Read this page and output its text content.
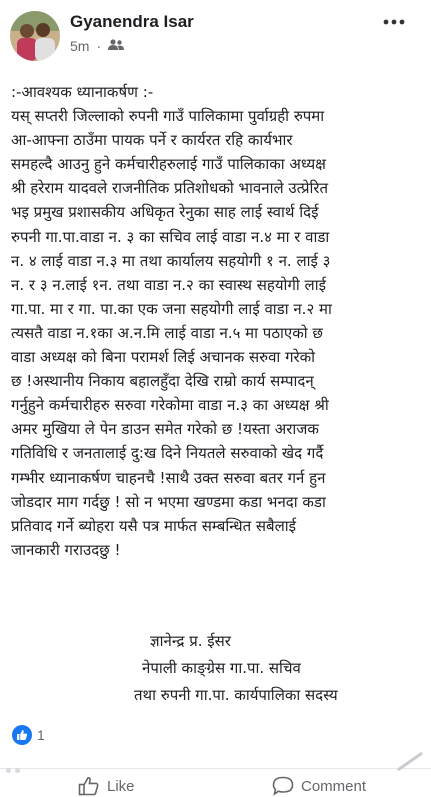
Gyanendra Isar
5m ·

:-आवश्यक ध्यानाकर्षण :-

यस् सप्तरी जिल्लाको रुपनी गाउँ पालिकामा पुर्वाग्रही रुपमा

आ-आफ्ना ठाउँमा पायक पर्ने र कार्यरत रहि कार्यभार

समहल्दै आउनु हुने कर्मचारीहरुलाई गाउँ पालिकाका अध्यक्ष

श्री हरेराम यादवले राजनीतिक प्रतिशोधको भावनाले उत्प्रेरित

भइ प्रमुख प्रशासकीय अधिकृत रेनुका साह लाई स्वार्थ दिई

रुपनी गा.पा.वाडा न. ३ का सचिव लाई वाडा न.४ मा र वाडा

न. ४ लाई वाडा न.३ मा तथा कार्यालय सहयोगी १ न. लाई ३

न. र ३ न.लाई १न. तथा वाडा न.२ का स्वास्थ सहयोगी लाई

गा.पा. मा र गा. पा.का एक जना सहयोगी लाई वाडा न.२ मा

त्यसतै वाडा न.१का अ.न.मि लाई वाडा न.५ मा पठाएको छ

वाडा अध्यक्ष को बिना परामर्श लिई अचानक सरुवा गरेको

छ !अस्थानीय निकाय बहालहुँदा देखि राम्रो कार्य सम्पादन्

गर्नुहुने कर्मचारीहरु सरुवा गरेकोमा वाडा न.३ का अध्यक्ष श्री

अमर मुखिया ले पेन डाउन समेत गरेको छ !यस्ता अराजक

गतिविधि र जनतालाई दु:ख दिने नियतले सरुवाको खेद गर्दै

गम्भीर ध्यानाकर्षण चाहनचै !साथै उक्त सरुवा बतर गर्न हुन

जोडदार माग गर्दछु ! सो न भएमा खण्डमा कडा भनदा कडा

प्रतिवाद गर्ने ब्योहरा यसै पत्र मार्फत सम्बन्धित सबैलाई

जानकारी गराउदछु !

ज्ञानेन्द्र प्र. ईसर
नेपाली काङ्ग्रेस गा.पा. सचिव
तथा रुपनी गा.पा. कार्यपालिका सदस्य
1
Like	Comment
